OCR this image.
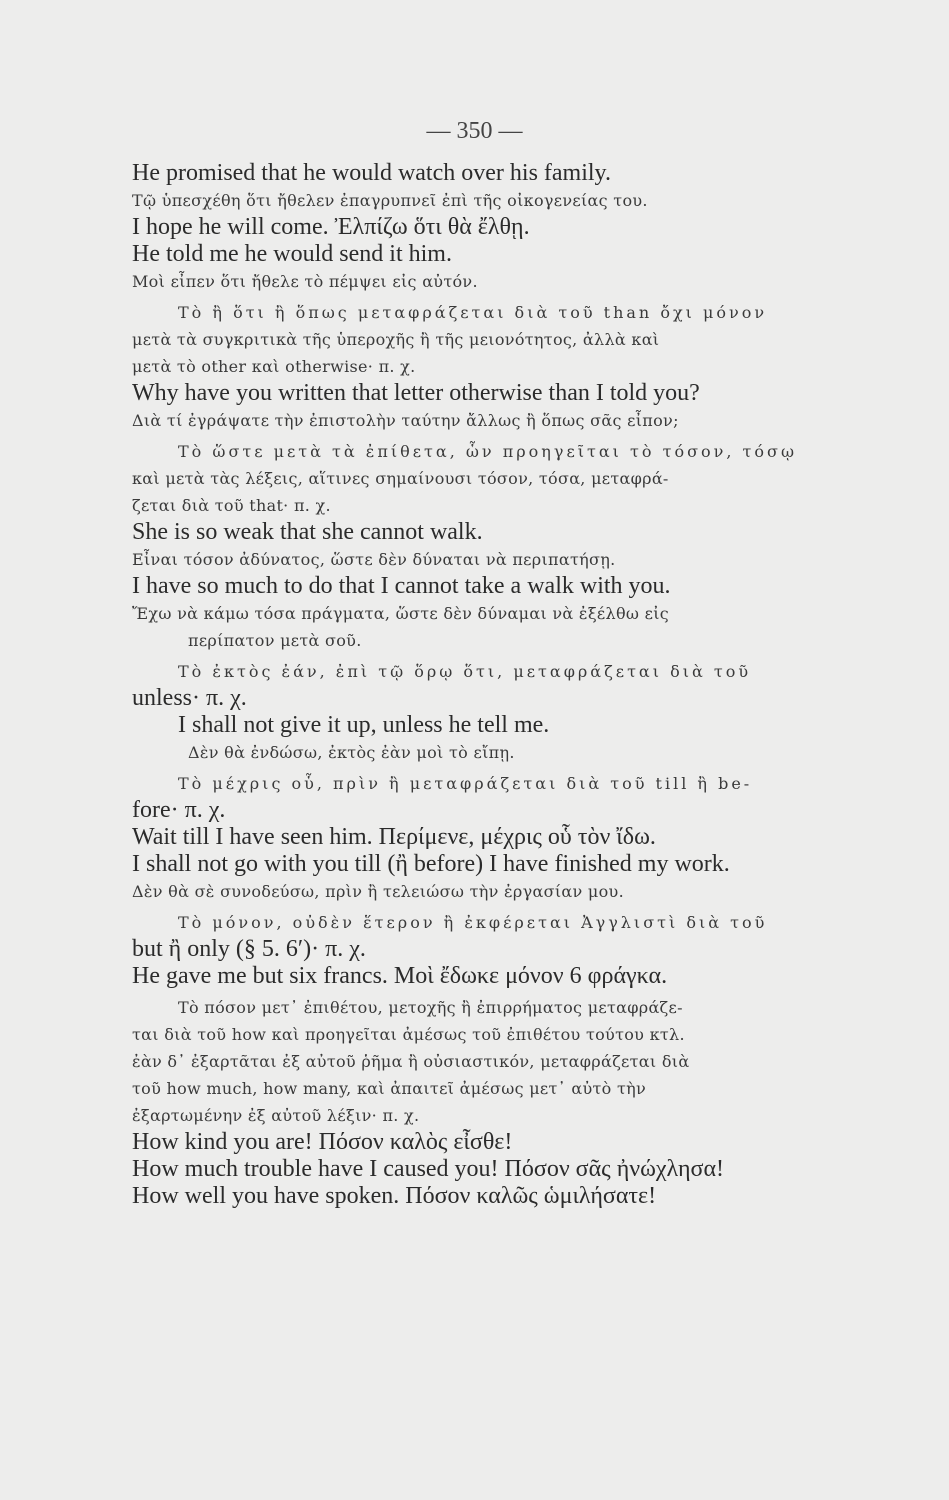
— 350 —
He promised that he would watch over his family.
Τῷ ὑπεσχέθη ὅτι ἤθελεν ἐπαγρυπνεῖ ἐπὶ τῆς οἰκογενείας του.
I hope he will come. Ἐλπίζω ὅτι θὰ ἔλθῃ.
He told me he would send it him.
Μοὶ εἶπεν ὅτι ἤθελε τὸ πέμψει εἰς αὐτόν.
Τὸ ἢ ὅτι ἢ ὅπως μεταφράζεται διὰ τοῦ than ὄχι μόνον
μετὰ τὰ συγκριτικὰ τῆς ὑπεροχῆς ἢ τῆς μειονότητος, ἀλλὰ καὶ
μετὰ τὸ other καὶ otherwise· π. χ.
Why have you written that letter otherwise than I told you?
Διὰ τί ἐγράψατε τὴν ἐπιστολὴν ταύτην ἄλλως ἢ ὅπως σᾶς εἶπον;
Τὸ ὥστε μετὰ τὰ ἐπίθετα, ὧν προηγεῖται τὸ τόσον, τόσῳ
καὶ μετὰ τὰς λέξεις, αἵτινες σημαίνουσι τόσον, τόσα, μεταφρά-
ζεται διὰ τοῦ that· π. χ.
She is so weak that she cannot walk.
Εἶναι τόσον ἀδύνατος, ὥστε δὲν δύναται νὰ περιπατήσῃ.
I have so much to do that I cannot take a walk with you.
Ἔχω νὰ κάμω τόσα πράγματα, ὥστε δὲν δύναμαι νὰ ἐξέλθω εἰς
περίπατον μετὰ σοῦ.
Τὸ ἐκτὸς ἐάν, ἐπὶ τῷ ὅρῳ ὅτι, μεταφράζεται διὰ τοῦ
unless· π. χ.
I shall not give it up, unless he tell me.
Δὲν θὰ ἐνδώσω, ἐκτὸς ἐὰν μοὶ τὸ εἴπῃ.
Τὸ μέχρις οὗ, πρὶν ἢ μεταφράζεται διὰ τοῦ till ἢ be-
fore· π. χ.
Wait till I have seen him. Περίμενε, μέχρις οὗ τὸν ἴδω.
I shall not go with you till (ἢ before) I have finished my work.
Δὲν θὰ σὲ συνοδεύσω, πρὶν ἢ τελειώσω τὴν ἐργασίαν μου.
Τὸ μόνον, οὐδὲν ἕτερον ἢ ἐκφέρεται Ἀγγλιστὶ διὰ τοῦ
but ἢ only (§ 5. 6′)· π. χ.
He gave me but six francs. Μοὶ ἔδωκε μόνον 6 φράγκα.
Τὸ πόσον μετ᾽ ἐπιθέτου, μετοχῆς ἢ ἐπιρρήματος μεταφράζε-
ται διὰ τοῦ how καὶ προηγεῖται ἀμέσως τοῦ ἐπιθέτου τούτου κτλ.
ἐὰν δ᾽ ἐξαρτᾶται ἐξ αὐτοῦ ῥῆμα ἢ οὐσιαστικόν, μεταφράζεται διὰ
τοῦ how much, how many, καὶ ἀπαιτεῖ ἀμέσως μετ᾽ αὐτὸ τὴν
ἐξαρτωμένην ἐξ αὐτοῦ λέξιν· π. χ.
How kind you are! Πόσον καλὸς εἶσθε!
How much trouble have I caused you! Πόσον σᾶς ἠνώχλησα!
How well you have spoken. Πόσον καλῶς ὡμιλήσατε!
